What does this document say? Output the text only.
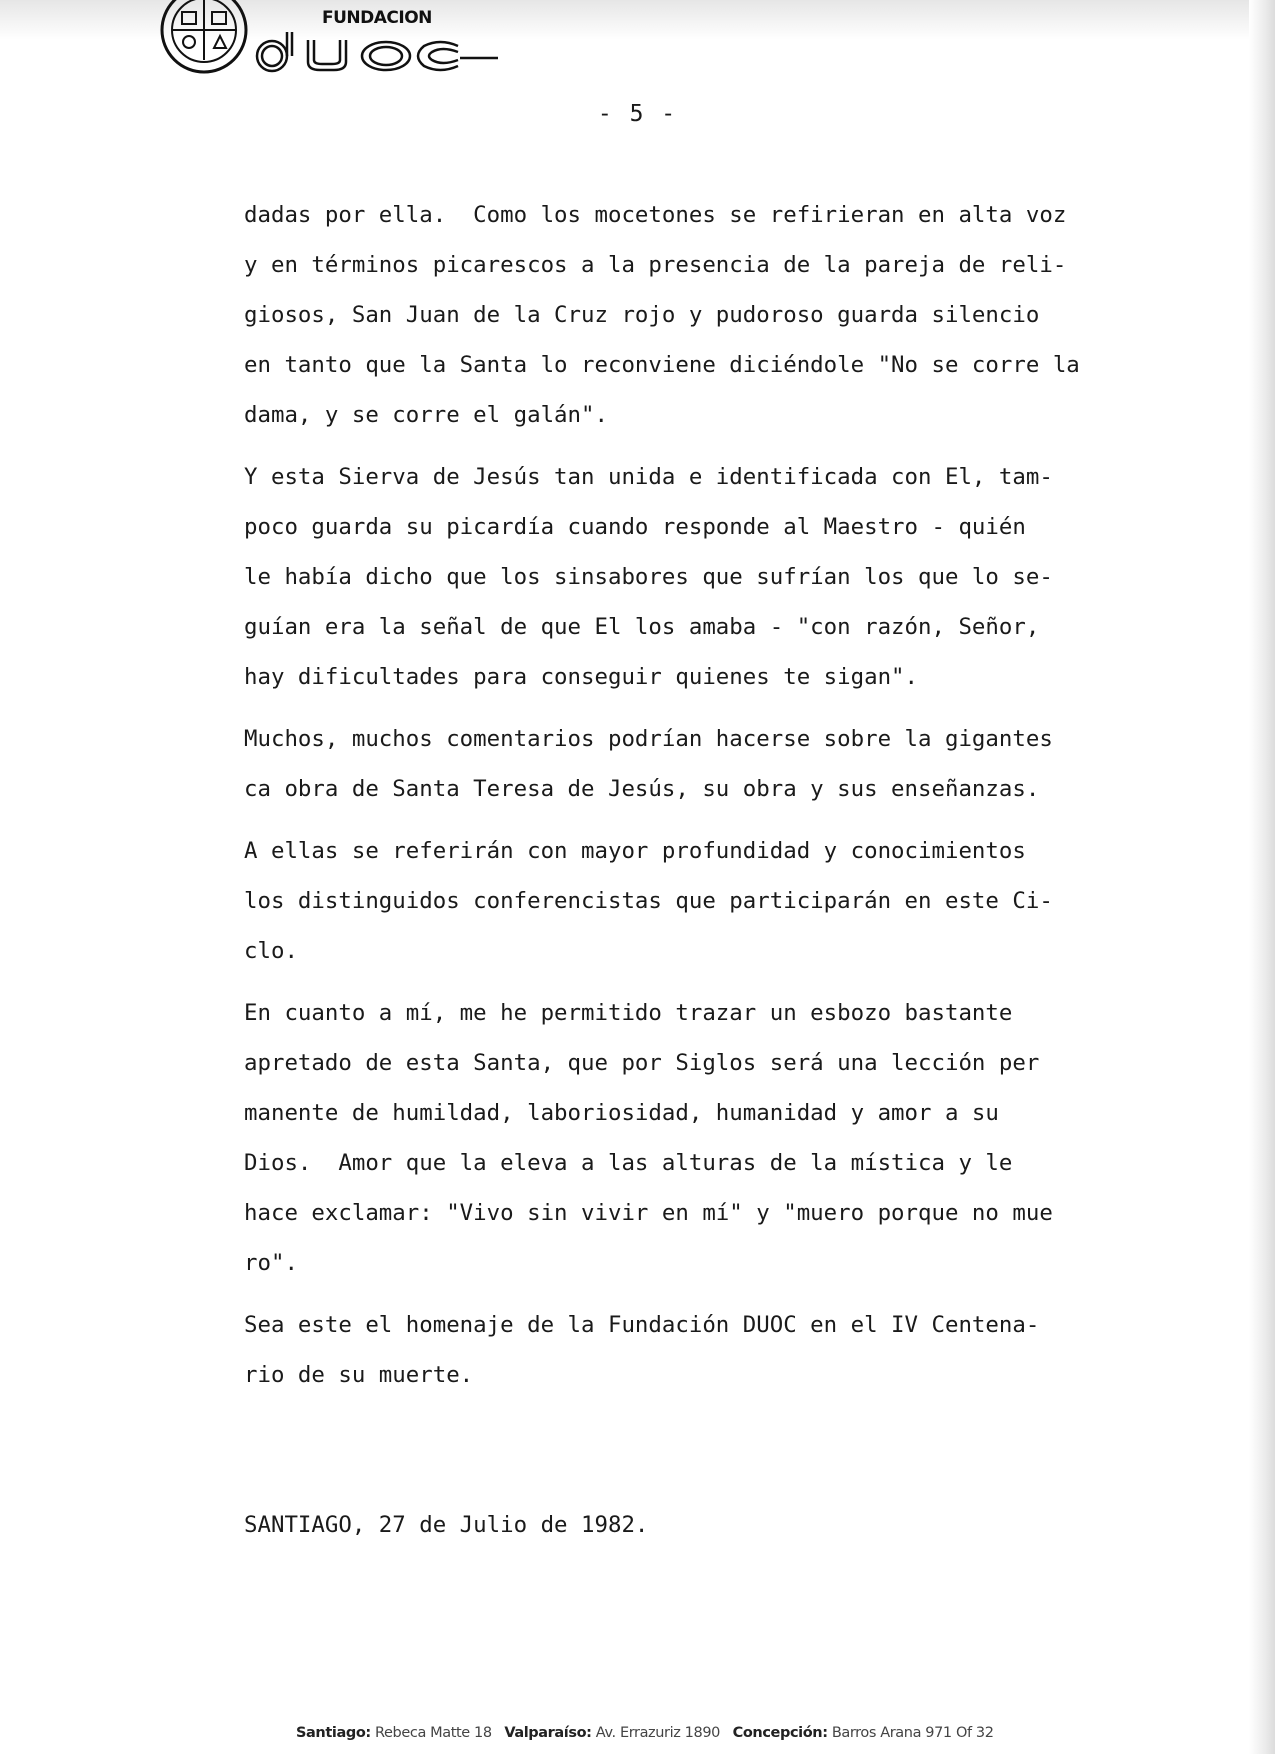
FUNDACION
- 5 -
dadas por ella.  Como los mocetones se refirieran en alta voz
y en términos picarescos a la presencia de la pareja de reli-
giosos, San Juan de la Cruz rojo y pudoroso guarda silencio
en tanto que la Santa lo reconviene diciéndole "No se corre la
dama, y se corre el galán".
Y esta Sierva de Jesús tan unida e identificada con El, tam-
poco guarda su picardía cuando responde al Maestro - quién
le había dicho que los sinsabores que sufrían los que lo se-
guían era la señal de que El los amaba - "con razón, Señor,
hay dificultades para conseguir quienes te sigan".
Muchos, muchos comentarios podrían hacerse sobre la gigantes
ca obra de Santa Teresa de Jesús, su obra y sus enseñanzas.
A ellas se referirán con mayor profundidad y conocimientos
los distinguidos conferencistas que participarán en este Ci-
clo.
En cuanto a mí, me he permitido trazar un esbozo bastante
apretado de esta Santa, que por Siglos será una lección per
manente de humildad, laboriosidad, humanidad y amor a su
Dios.  Amor que la eleva a las alturas de la mística y le
hace exclamar: "Vivo sin vivir en mí" y "muero porque no mue
ro".
Sea este el homenaje de la Fundación DUOC en el IV Centena-
rio de su muerte.
SANTIAGO, 27 de Julio de 1982.
Santiago: Rebeca Matte 18 Valparaíso: Av. Errazuriz 1890 Concepción: Barros Arana 971 Of 32
